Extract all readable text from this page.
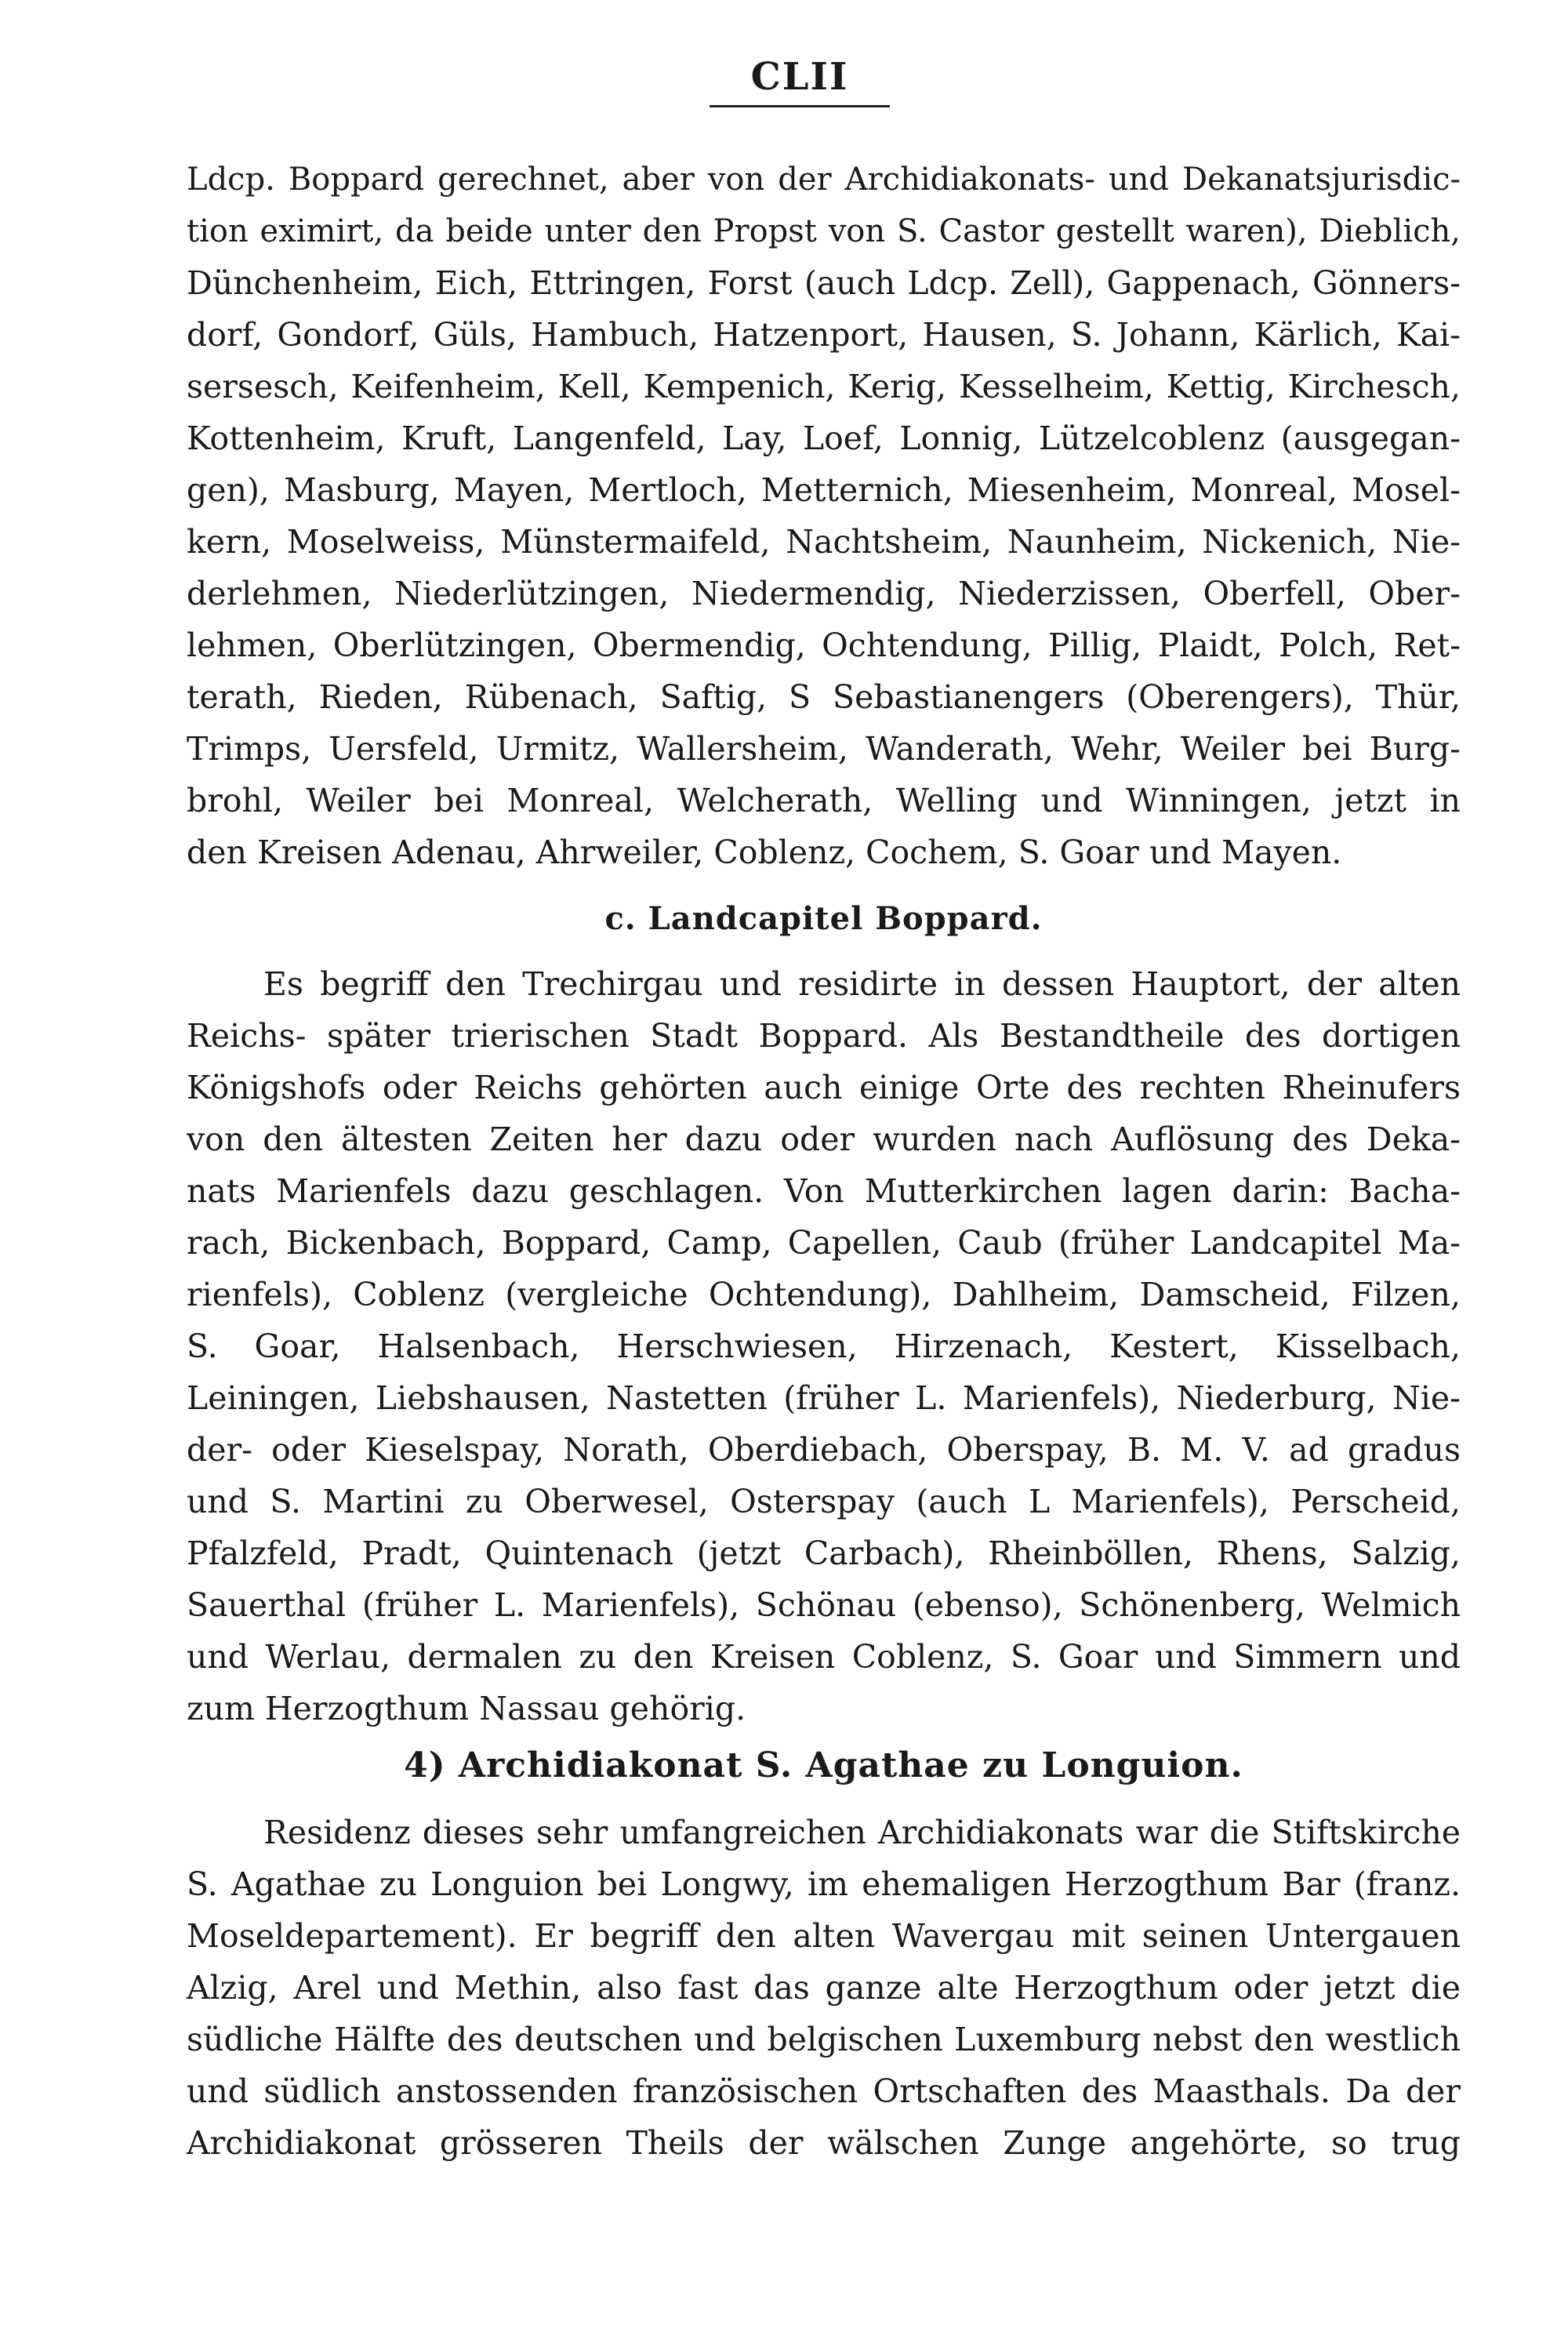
CLII
Ldcp. Boppard gerechnet, aber von der Archidiakonats- und Dekanatsjurisdic-
tion eximirt, da beide unter den Propst von S. Castor gestellt waren), Dieblich,
Dünchenheim, Eich, Ettringen, Forst (auch Ldcp. Zell), Gappenach, Gönners-
dorf, Gondorf, Güls, Hambuch, Hatzenport, Hausen, S. Johann, Kärlich, Kai-
sersesch, Keifenheim, Kell, Kempenich, Kerig, Kesselheim, Kettig, Kirchesch,
Kottenheim, Kruft, Langenfeld, Lay, Loef, Lonnig, Lützelcoblenz (ausgegan-
gen), Masburg, Mayen, Mertloch, Metternich, Miesenheim, Monreal, Mosel-
kern, Moselweiss, Münstermaifeld, Nachtsheim, Naunheim, Nickenich, Nie-
derlehmen, Niederlützingen, Niedermendig, Niederzissen, Oberfell, Ober-
lehmen, Oberlützingen, Obermendig, Ochtendung, Pillig, Plaidt, Polch, Ret-
terath, Rieden, Rübenach, Saftig, S Sebastianengers (Oberengers), Thür,
Trimps, Uersfeld, Urmitz, Wallersheim, Wanderath, Wehr, Weiler bei Burg-
brohl, Weiler bei Monreal, Welcherath, Welling und Winningen, jetzt in
den Kreisen Adenau, Ahrweiler, Coblenz, Cochem, S. Goar und Mayen.
c. Landcapitel Boppard.
Es begriff den Trechirgau und residirte in dessen Hauptort, der alten
Reichs- später trierischen Stadt Boppard. Als Bestandtheile des dortigen
Königshofs oder Reichs gehörten auch einige Orte des rechten Rheinufers
von den ältesten Zeiten her dazu oder wurden nach Auflösung des Deka-
nats Marienfels dazu geschlagen. Von Mutterkirchen lagen darin: Bacha-
rach, Bickenbach, Boppard, Camp, Capellen, Caub (früher Landcapitel Ma-
rienfels), Coblenz (vergleiche Ochtendung), Dahlheim, Damscheid, Filzen,
S. Goar, Halsenbach, Herschwiesen, Hirzenach, Kestert, Kisselbach,
Leiningen, Liebshausen, Nastetten (früher L. Marienfels), Niederburg, Nie-
der- oder Kieselspay, Norath, Oberdiebach, Oberspay, B. M. V. ad gradus
und S. Martini zu Oberwesel, Osterspay (auch L Marienfels), Perscheid,
Pfalzfeld, Pradt, Quintenach (jetzt Carbach), Rheinböllen, Rhens, Salzig,
Sauerthal (früher L. Marienfels), Schönau (ebenso), Schönenberg, Welmich
und Werlau, dermalen zu den Kreisen Coblenz, S. Goar und Simmern und
zum Herzogthum Nassau gehörig.
4) Archidiakonat S. Agathae zu Longuion.
Residenz dieses sehr umfangreichen Archidiakonats war die Stiftskirche
S. Agathae zu Longuion bei Longwy, im ehemaligen Herzogthum Bar (franz.
Moseldepartement). Er begriff den alten Wavergau mit seinen Untergauen
Alzig, Arel und Methin, also fast das ganze alte Herzogthum oder jetzt die
südliche Hälfte des deutschen und belgischen Luxemburg nebst den westlich
und südlich anstossenden französischen Ortschaften des Maasthals. Da der
Archidiakonat grösseren Theils der wälschen Zunge angehörte, so trug
